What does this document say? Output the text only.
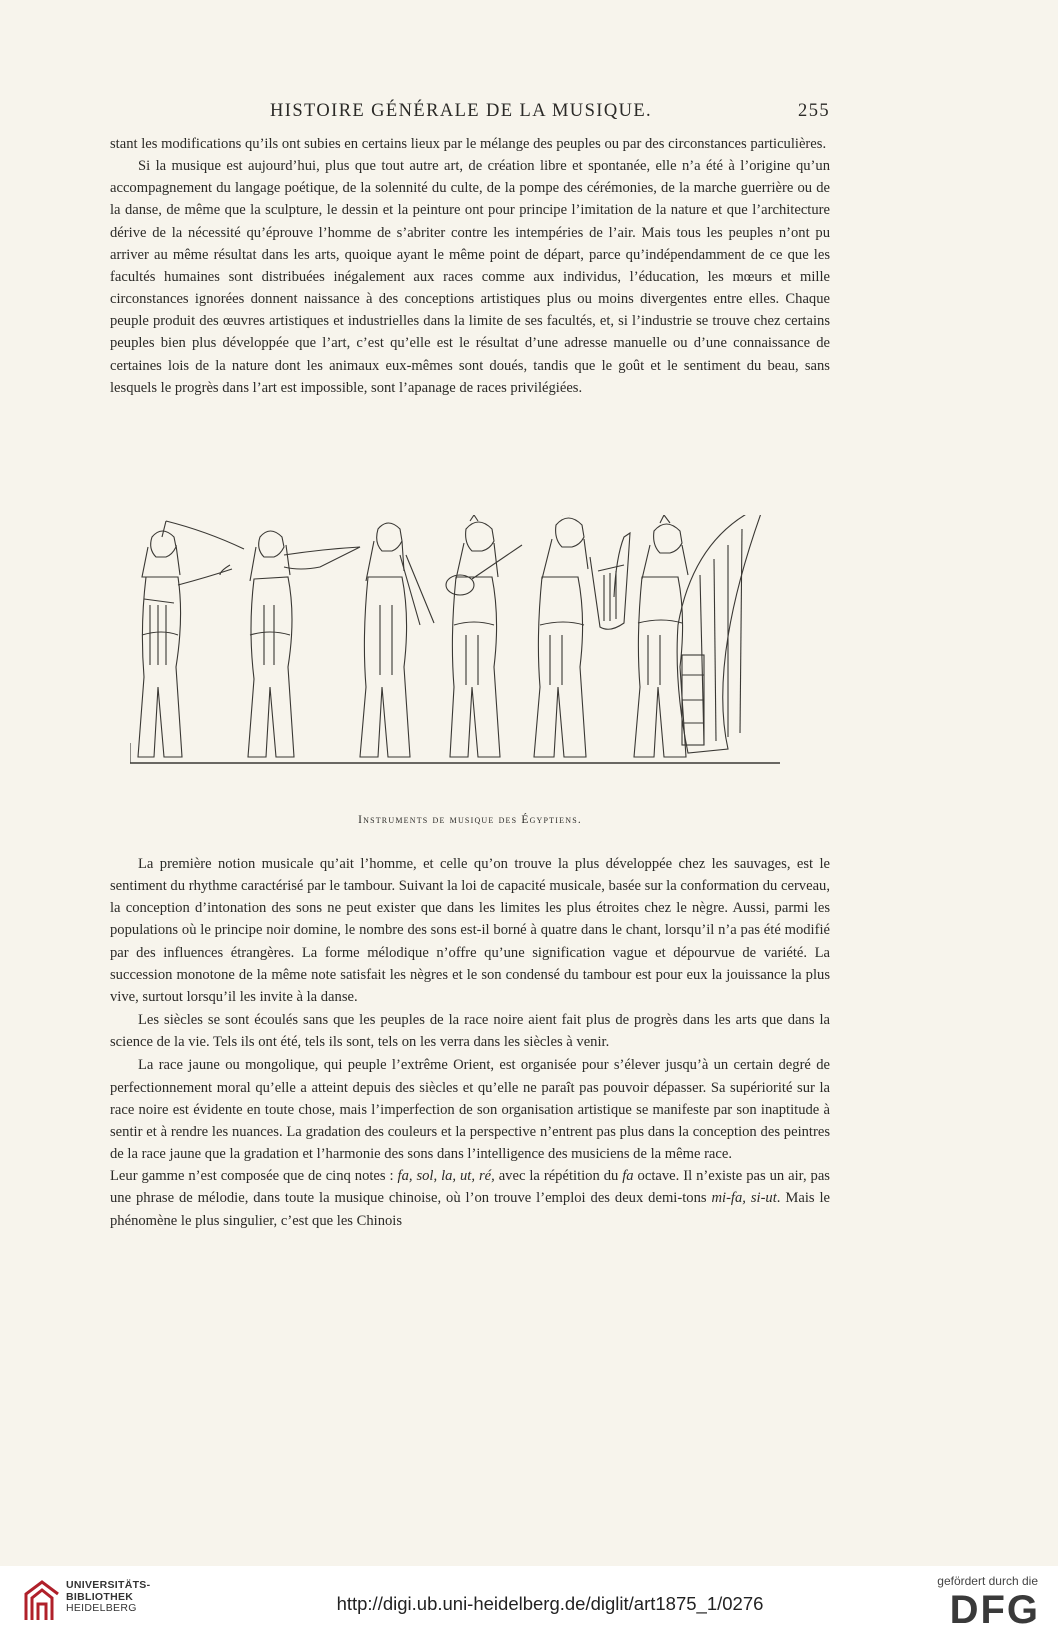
HISTOIRE GÉNÉRALE DE LA MUSIQUE.	255

stant les modifications qu’ils ont subies en certains lieux par le mélange des peuples ou par des circonstances particulières.

Si la musique est aujourd’hui, plus que tout autre art, de création libre et spontanée, elle n’a été à l’origine qu’un accompagnement du langage poétique, de la solennité du culte, de la pompe des cérémonies, de la marche guerrière ou de la danse, de même que la sculpture, le dessin et la peinture ont pour principe l’imitation de la nature et que l’architecture dérive de la nécessité qu’éprouve l’homme de s’abriter contre les intempéries de l’air. Mais tous les peuples n’ont pu arriver au même résultat dans les arts, quoique ayant le même point de départ, parce qu’indépendamment de ce que les facultés humaines sont distribuées inégalement aux races comme aux individus, l’éducation, les mœurs et mille circonstances ignorées donnent naissance à des conceptions artistiques plus ou moins divergentes entre elles. Chaque peuple produit des œuvres artistiques et industrielles dans la limite de ses facultés, et, si l’industrie se trouve chez certains peuples bien plus développée que l’art, c’est qu’elle est le résultat d’une adresse manuelle ou d’une connaissance de certaines lois de la nature dont les animaux eux-mêmes sont doués, tandis que le goût et le sentiment du beau, sans lesquels le progrès dans l’art est impossible, sont l’apanage de races privilégiées.

Instruments de musique des Égyptiens.

La première notion musicale qu’ait l’homme, et celle qu’on trouve la plus développée chez les sauvages, est le sentiment du rhythme caractérisé par le tambour. Suivant la loi de capacité musicale, basée sur la conformation du cerveau, la conception d’intonation des sons ne peut exister que dans les limites les plus étroites chez le nègre. Aussi, parmi les populations où le principe noir domine, le nombre des sons est-il borné à quatre dans le chant, lorsqu’il n’a pas été modifié par des influences étrangères. La forme mélodique n’offre qu’une signification vague et dépourvue de variété. La succession monotone de la même note satisfait les nègres et le son condensé du tambour est pour eux la jouissance la plus vive, surtout lorsqu’il les invite à la danse.

Les siècles se sont écoulés sans que les peuples de la race noire aient fait plus de progrès dans les arts que dans la science de la vie. Tels ils ont été, tels ils sont, tels on les verra dans les siècles à venir.

La race jaune ou mongolique, qui peuple l’extrême Orient, est organisée pour s’élever jusqu’à un certain degré de perfectionnement moral qu’elle a atteint depuis des siècles et qu’elle ne paraît pas pouvoir dépasser. Sa supériorité sur la race noire est évidente en toute chose, mais l’imperfection de son organisation artistique se manifeste par son inaptitude à sentir et à rendre les nuances. La gradation des couleurs et la perspective n’entrent pas plus dans la conception des peintres de la race jaune que la gradation et l’harmonie des sons dans l’intelligence des musiciens de la même race.

Leur gamme n’est composée que de cinq notes : fa, sol, la, ut, ré, avec la répétition du fa octave. Il n’existe pas un air, pas une phrase de mélodie, dans toute la musique chinoise, où l’on trouve l’emploi des deux demi-tons mi-fa, si-ut. Mais le phénomène le plus singulier, c’est que les Chinois

UNIVERSITÄTS-
BIBLIOTHEK
HEIDELBERG	http://digi.ub.uni-heidelberg.de/diglit/art1875_1/0276
gefördert durch die
DFG
